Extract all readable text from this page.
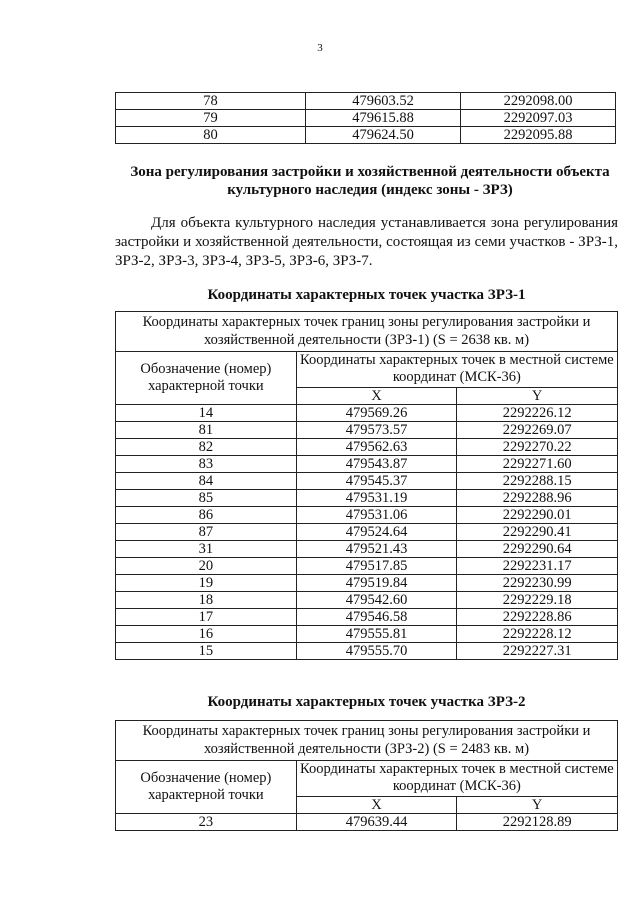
3
78	479603.52	2292098.00
79	479615.88	2292097.03
80	479624.50	2292095.88
Зона регулирования застройки и хозяйственной деятельности объекта культурного наследия (индекс зоны - ЗРЗ)
Для объекта культурного наследия устанавливается зона регулирования застройки и хозяйственной деятельности, состоящая из семи участков - ЗРЗ-1, ЗРЗ-2, ЗРЗ-3, ЗРЗ-4, ЗРЗ-5, ЗРЗ-6, ЗРЗ-7.
Координаты характерных точек участка ЗРЗ-1
Координаты характерных точек границ зоны регулирования застройки и хозяйственной деятельности (ЗРЗ-1) (S = 2638 кв. м)		
Обозначение (номер) характерной точки	Координаты характерных точек в местной системе координат (МСК-36)	
	X	Y
14	479569.26	2292226.12
81	479573.57	2292269.07
82	479562.63	2292270.22
83	479543.87	2292271.60
84	479545.37	2292288.15
85	479531.19	2292288.96
86	479531.06	2292290.01
87	479524.64	2292290.41
31	479521.43	2292290.64
20	479517.85	2292231.17
19	479519.84	2292230.99
18	479542.60	2292229.18
17	479546.58	2292228.86
16	479555.81	2292228.12
15	479555.70	2292227.31
Координаты характерных точек участка ЗРЗ-2
Координаты характерных точек границ зоны регулирования застройки и хозяйственной деятельности (ЗРЗ-2) (S = 2483 кв. м)		
Обозначение (номер) характерной точки	Координаты характерных точек в местной системе координат (МСК-36)	
	X	Y
23	479639.44	2292128.89
